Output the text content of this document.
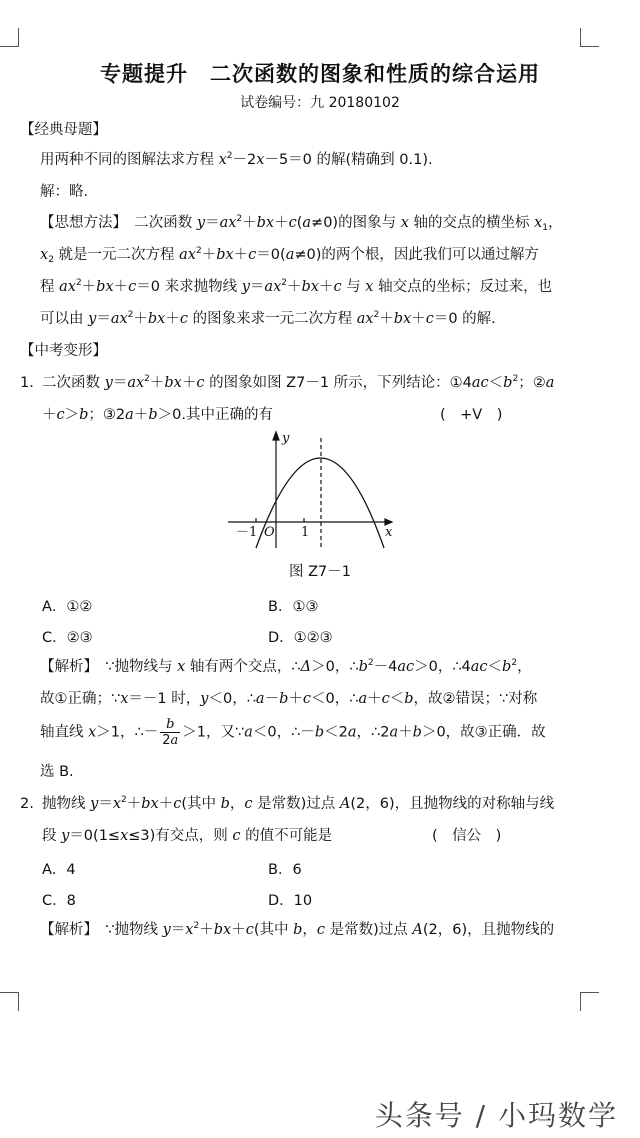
专题提升　二次函数的图象和性质的综合运用
试卷编号：九 20180102
【经典母题】
用两种不同的图解法求方程 $x^2-2x-5=0$ 的解(精确到 0.1).
解：略.
【思想方法】　二次函数 $y=ax^2+bx+c(a\ne 0)$的图象与 x 轴的交点的横坐标 $x_1$，
$x_2$ 就是一元二次方程 $ax^2+bx+c=0(a\ne 0)$的两个根，因此我们可以通过解方
程 $ax^2+bx+c=0$ 来求抛物线 $y=ax^2+bx+c$ 与 x 轴交点的坐标；反过来，也
可以由 $y=ax^2+bx+c$ 的图象来求一元二次方程 $ax^2+bx+c=0$ 的解.
【中考变形】
1. 二次函数 $y=ax^2+bx+c$ 的图象如图 Z7－1 所示，下列结论：$①4ac<b^2$；②a
＋c＞b；③2a＋b＞0.其中正确的有	(　+V　)
y
x
O
－1	1
图 Z7－1
A．①②	B．①③
C．②③	D．①②③
【解析】　∵抛物线与 x 轴有两个交点，∴Δ＞0，$\therefore b^2-4ac>0$，$\therefore 4ac<b^2$，
故①正确；∵x＝－1 时，y＜0，∴a－b＋c＜0，∴a＋c＜b，故②错误；∵对称
轴直线 x＞1，∴－ $\frac{b}{2a} >1$，又∵a＜0，∴－b＜2a，∴2a＋b＞0，故③正确．故
选 B.
2. 抛物线 $y=x^2+bx+c$(其中 b，c 是常数)过点 A(2，6)，且抛物线的对称轴与线
段 y＝0(1≤x≤3)有交点，则 c 的值不可能是	(　信公　)
A．4	B．6
C．8	D．10
【解析】　∵抛物线 $y=x^2+bx+c$(其中 b，c 是常数)过点 A(2，6)，且抛物线的
头条号 / 小玛数学
